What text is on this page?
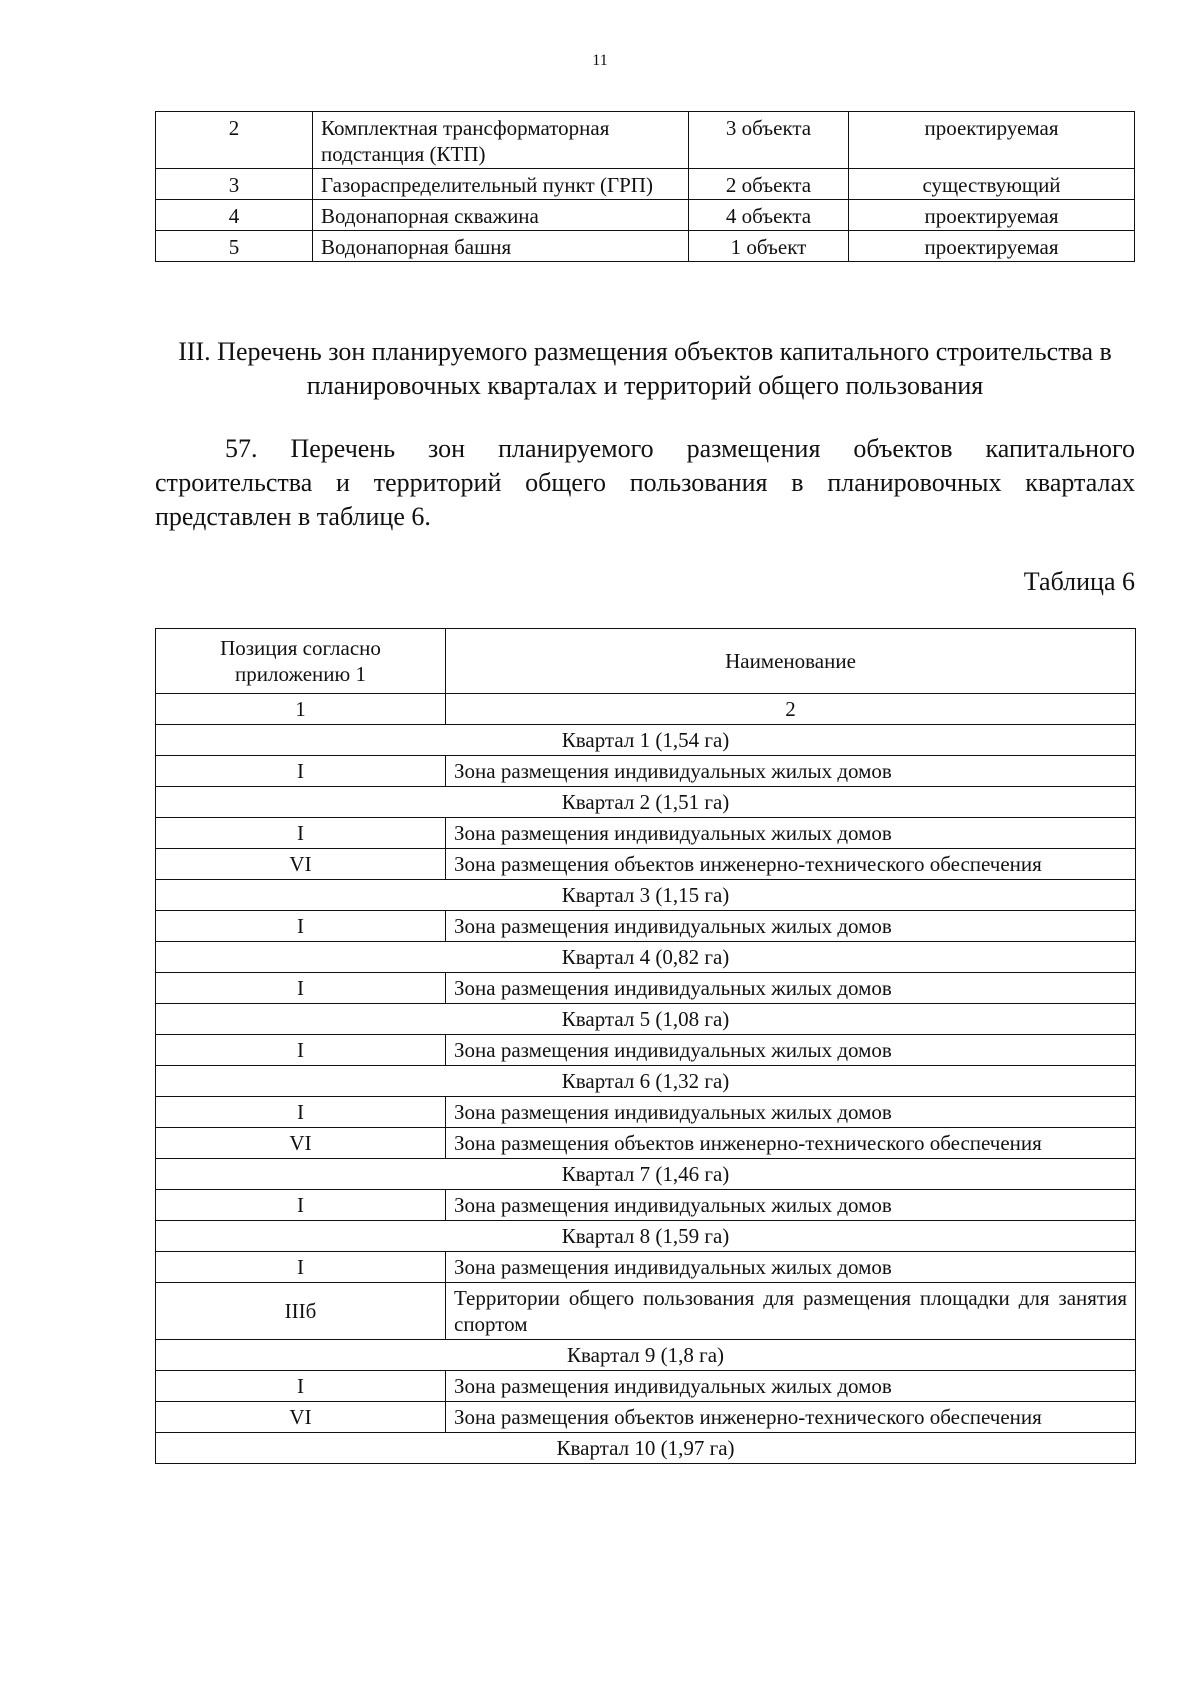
11
2	Комплектная трансформаторная подстанция (КТП)	3 объекта	проектируемая
3	Газораспределительный пункт (ГРП)	2 объекта	существующий
4	Водонапорная скважина	4 объекта	проектируемая
5	Водонапорная башня	1 объект	проектируемая
III. Перечень зон планируемого размещения объектов капитального строительства в планировочных кварталах и территорий общего пользования
57. Перечень зон планируемого размещения объектов капитального строительства и территорий общего пользования в планировочных кварталах представлен в таблице 6.
Таблица 6
Позиция согласно приложению 1	Наименование
1	2
Квартал 1 (1,54 га)	
I	Зона размещения индивидуальных жилых домов
Квартал 2 (1,51 га)	
I	Зона размещения индивидуальных жилых домов
VI	Зона размещения объектов инженерно-технического обеспечения
Квартал 3 (1,15 га)	
I	Зона размещения индивидуальных жилых домов
Квартал 4 (0,82 га)	
I	Зона размещения индивидуальных жилых домов
Квартал 5 (1,08 га)	
I	Зона размещения индивидуальных жилых домов
Квартал 6 (1,32 га)	
I	Зона размещения индивидуальных жилых домов
VI	Зона размещения объектов инженерно-технического обеспечения
Квартал 7 (1,46 га)	
I	Зона размещения индивидуальных жилых домов
Квартал 8 (1,59 га)	
I	Зона размещения индивидуальных жилых домов
IIIб	Территории общего пользования для размещения площадки для занятия спортом
Квартал 9 (1,8 га)	
I	Зона размещения индивидуальных жилых домов
VI	Зона размещения объектов инженерно-технического обеспечения
Квартал 10 (1,97 га)	
